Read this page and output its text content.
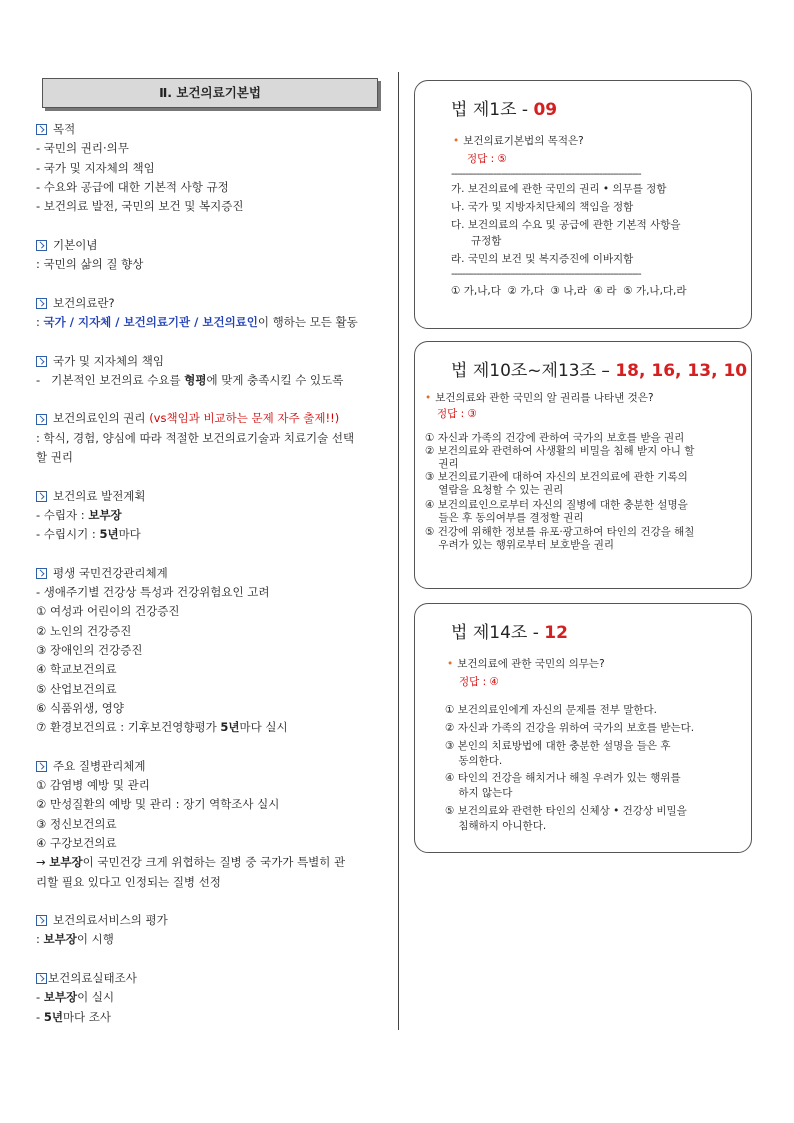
Ⅱ. 보건의료기본법
목적
- 국민의 권리·의무
- 국가 및 지자체의 책임
- 수요와 공급에 대한 기본적 사항 규정
- 보건의료 발전, 국민의 보건 및 복지증진
기본이념
: 국민의 삶의 질 향상
보건의료란?
: 국가 / 지자체 / 보건의료기관 / 보건의료인이 행하는 모든 활동
국가 및 지자체의 책임
-   기본적인 보건의료 수요를 형평에 맞게 충족시킬 수 있도록
보건의료인의 권리
(vs책임과 비교하는 문제 자주 출제!!)
: 학식, 경험, 양심에 따라 적절한 보건의료기술과 치료기술 선택
할 권리
보건의료 발전계획
- 수립자 : 보부장
- 수립시기 : 5년마다
평생 국민건강관리체계
- 생애주기별 건강상 특성과 건강위험요인 고려
① 여성과 어린이의 건강증진
② 노인의 건강증진
③ 장애인의 건강증진
④ 학교보건의료
⑤ 산업보건의료
⑥ 식품위생, 영양
⑦ 환경보건의료 : 기후보건영향평가 5년마다 실시
주요 질병관리체계
① 감염병 예방 및 관리
② 만성질환의 예방 및 관리 : 장기 역학조사 실시
③ 정신보건의료
④ 구강보건의료
→ 보부장이 국민건강 크게 위협하는 질병 중 국가가 특별히 관
리할 필요 있다고 인정되는 질병 선정
보건의료서비스의 평가
: 보부장이 시행
보건의료실태조사
- 보부장이 실시
- 5년마다 조사
법 제1조 - 09
• 보건의료기본법의 목적은?
정답 : ⑤
--------------------------------------------------------------------
가. 보건의료에 관한 국민의 권리 • 의무를 정함
나. 국가 및 지방자치단체의 책임을 정함
다. 보건의료의 수요 및 공급에 관한 기본적 사항을
규정함
라. 국민의 보건 및 복지증진에 이바지함
--------------------------------------------------------------------
① 가,나,다  ② 가,다  ③ 나,라  ④ 라  ⑤ 가,나,다,라
법 제10조~제13조 – 18, 16, 13, 10
• 보건의료와 관한 국민의 알 권리를 나타낸 것은?
정답 : ③
① 자신과 가족의 건강에 관하여 국가의 보호를 받을 권리
② 보건의료와 관련하여 사생활의 비밀을 침해 받지 아니 할
권리
③ 보건의료기관에 대하여 자신의 보건의료에 관한 기록의
열람을 요청할 수 있는 권리
④ 보건의료인으로부터 자신의 질병에 대한 충분한 설명을
들은 후 동의여부를 결정할 권리
⑤ 건강에 위해한 정보를 유포·광고하여 타인의 건강을 해칠
우려가 있는 행위로부터 보호받을 권리
법 제14조 - 12
• 보건의료에 관한 국민의 의무는?
정답 : ④
① 보건의료인에게 자신의 문제를 전부 말한다.
② 자신과 가족의 건강을 위하여 국가의 보호를 받는다.
③ 본인의 치료방법에 대한 충분한 설명을 들은 후
동의한다.
④ 타인의 건강을 해치거나 해칠 우려가 있는 행위를
하지 않는다
⑤ 보건의료와 관련한 타인의 신체상 • 건강상 비밀을
침해하지 아니한다.
